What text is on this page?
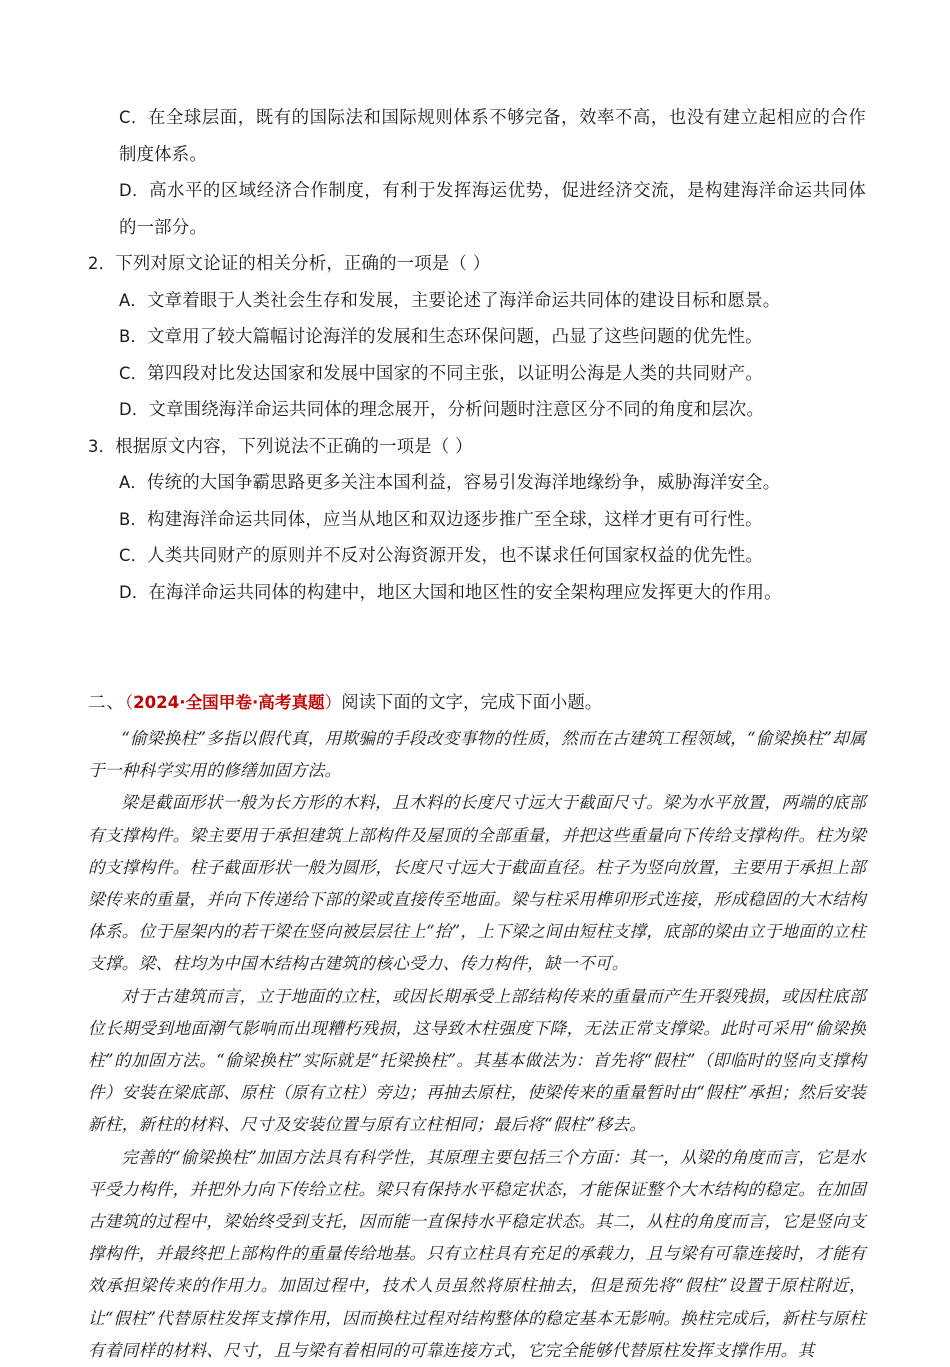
C．在全球层面，既有的国际法和国际规则体系不够完备，效率不高，也没有建立起相应的合作制度体系。
D．高水平的区域经济合作制度，有利于发挥海运优势，促进经济交流，是构建海洋命运共同体的一部分。
2．下列对原文论证的相关分析，正确的一项是（ ）
A．文章着眼于人类社会生存和发展，主要论述了海洋命运共同体的建设目标和愿景。
B．文章用了较大篇幅讨论海洋的发展和生态环保问题，凸显了这些问题的优先性。
C．第四段对比发达国家和发展中国家的不同主张，以证明公海是人类的共同财产。
D．文章围绕海洋命运共同体的理念展开，分析问题时注意区分不同的角度和层次。
3．根据原文内容，下列说法不正确的一项是（ ）
A．传统的大国争霸思路更多关注本国利益，容易引发海洋地缘纷争，威胁海洋安全。
B．构建海洋命运共同体，应当从地区和双边逐步推广至全球，这样才更有可行性。
C．人类共同财产的原则并不反对公海资源开发，也不谋求任何国家权益的优先性。
D．在海洋命运共同体的构建中，地区大国和地区性的安全架构理应发挥更大的作用。
二、（2024·全国甲卷·高考真题）阅读下面的文字，完成下面小题。

“偷梁换柱”多指以假代真，用欺骗的手段改变事物的性质，然而在古建筑工程领域，“偷梁换柱”却属于一种科学实用的修缮加固方法。

梁是截面形状一般为长方形的木料，且木料的长度尺寸远大于截面尺寸。梁为水平放置，两端的底部有支撑构件。梁主要用于承担建筑上部构件及屋顶的全部重量，并把这些重量向下传给支撑构件。柱为梁的支撑构件。柱子截面形状一般为圆形，长度尺寸远大于截面直径。柱子为竖向放置，主要用于承担上部梁传来的重量，并向下传递给下部的梁或直接传至地面。梁与柱采用榫卯形式连接，形成稳固的大木结构体系。位于屋架内的若干梁在竖向被层层往上“抬”，上下梁之间由短柱支撑，底部的梁由立于地面的立柱支撑。梁、柱均为中国木结构古建筑的核心受力、传力构件，缺一不可。

对于古建筑而言，立于地面的立柱，或因长期承受上部结构传来的重量而产生开裂残损，或因柱底部位长期受到地面潮气影响而出现糟朽残损，这导致木柱强度下降，无法正常支撑梁。此时可采用“偷梁换柱”的加固方法。“偷梁换柱”实际就是“托梁换柱”。其基本做法为：首先将“假柱”（即临时的竖向支撑构件）安装在梁底部、原柱（原有立柱）旁边；再抽去原柱，使梁传来的重量暂时由“假柱”承担；然后安装新柱，新柱的材料、尺寸及安装位置与原有立柱相同；最后将“假柱”移去。

完善的“偷梁换柱”加固方法具有科学性，其原理主要包括三个方面：其一，从梁的角度而言，它是水平受力构件，并把外力向下传给立柱。梁只有保持水平稳定状态，才能保证整个大木结构的稳定。在加固古建筑的过程中，梁始终受到支托，因而能一直保持水平稳定状态。其二，从柱的角度而言，它是竖向支撑构件，并最终把上部构件的重量传给地基。只有立柱具有充足的承载力，且与梁有可靠连接时，才能有效承担梁传来的作用力。加固过程中，技术人员虽然将原柱抽去，但是预先将“假柱”设置于原柱附近，让“假柱”代替原柱发挥支撑作用，因而换柱过程对结构整体的稳定基本无影响。换柱完成后，新柱与原柱有着同样的材料、尺寸，且与梁有着相同的可靠连接方式，它完全能够代替原柱发挥支撑作用。其
